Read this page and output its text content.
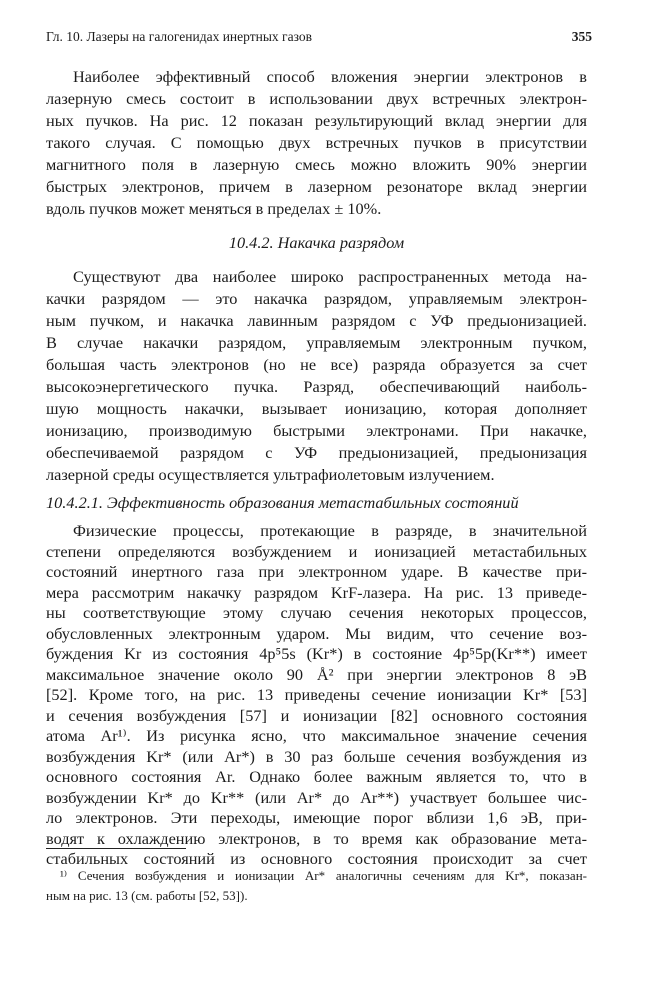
Гл. 10. Лазеры на галогенидах инертных газов	355
Наиболее эффективный способ вложения энергии электронов в
лазерную смесь состоит в использовании двух встречных электрон-
ных пучков. На рис. 12 показан результирующий вклад энергии для
такого случая. С помощью двух встречных пучков в присутствии
магнитного поля в лазерную смесь можно вложить 90% энергии
быстрых электронов, причем в лазерном резонаторе вклад энергии
вдоль пучков может меняться в пределах ± 10%.
10.4.2. Накачка разрядом
Существуют два наиболее широко распространенных метода на-
качки разрядом — это накачка разрядом, управляемым электрон-
ным пучком, и накачка лавинным разрядом с УФ предыонизацией.
В случае накачки разрядом, управляемым электронным пучком,
большая часть электронов (но не все) разряда образуется за счет
высокоэнергетического пучка. Разряд, обеспечивающий наиболь-
шую мощность накачки, вызывает ионизацию, которая дополняет
ионизацию, производимую быстрыми электронами. При накачке,
обеспечиваемой разрядом с УФ предыонизацией, предыонизация
лазерной среды осуществляется ультрафиолетовым излучением.
10.4.2.1. Эффективность образования метастабильных состояний
Физические процессы, протекающие в разряде, в значительной
степени определяются возбуждением и ионизацией метастабильных
состояний инертного газа при электронном ударе. В качестве при-
мера рассмотрим накачку разрядом KrF-лазера. На рис. 13 приведе-
ны соответствующие этому случаю сечения некоторых процессов,
обусловленных электронным ударом. Мы видим, что сечение воз-
буждения Kr из состояния 4p⁵5s (Kr*) в состояние 4p⁵5p(Kr**) имеет
максимальное значение около 90 Å² при энергии электронов 8 эВ
[52]. Кроме того, на рис. 13 приведены сечение ионизации Kr* [53]
и сечения возбуждения [57] и ионизации [82] основного состояния
атома Ar¹⁾. Из рисунка ясно, что максимальное значение сечения
возбуждения Kr* (или Ar*) в 30 раз больше сечения возбуждения из
основного состояния Ar. Однако более важным является то, что в
возбуждении Kr* до Kr** (или Ar* до Ar**) участвует большее чис-
ло электронов. Эти переходы, имеющие порог вблизи 1,6 эВ, при-
водят к охлаждению электронов, в то время как образование мета-
стабильных состояний из основного состояния происходит за счет
¹⁾ Сечения возбуждения и ионизации Ar* аналогичны сечениям для Kr*, показан-
ным на рис. 13 (см. работы [52, 53]).
